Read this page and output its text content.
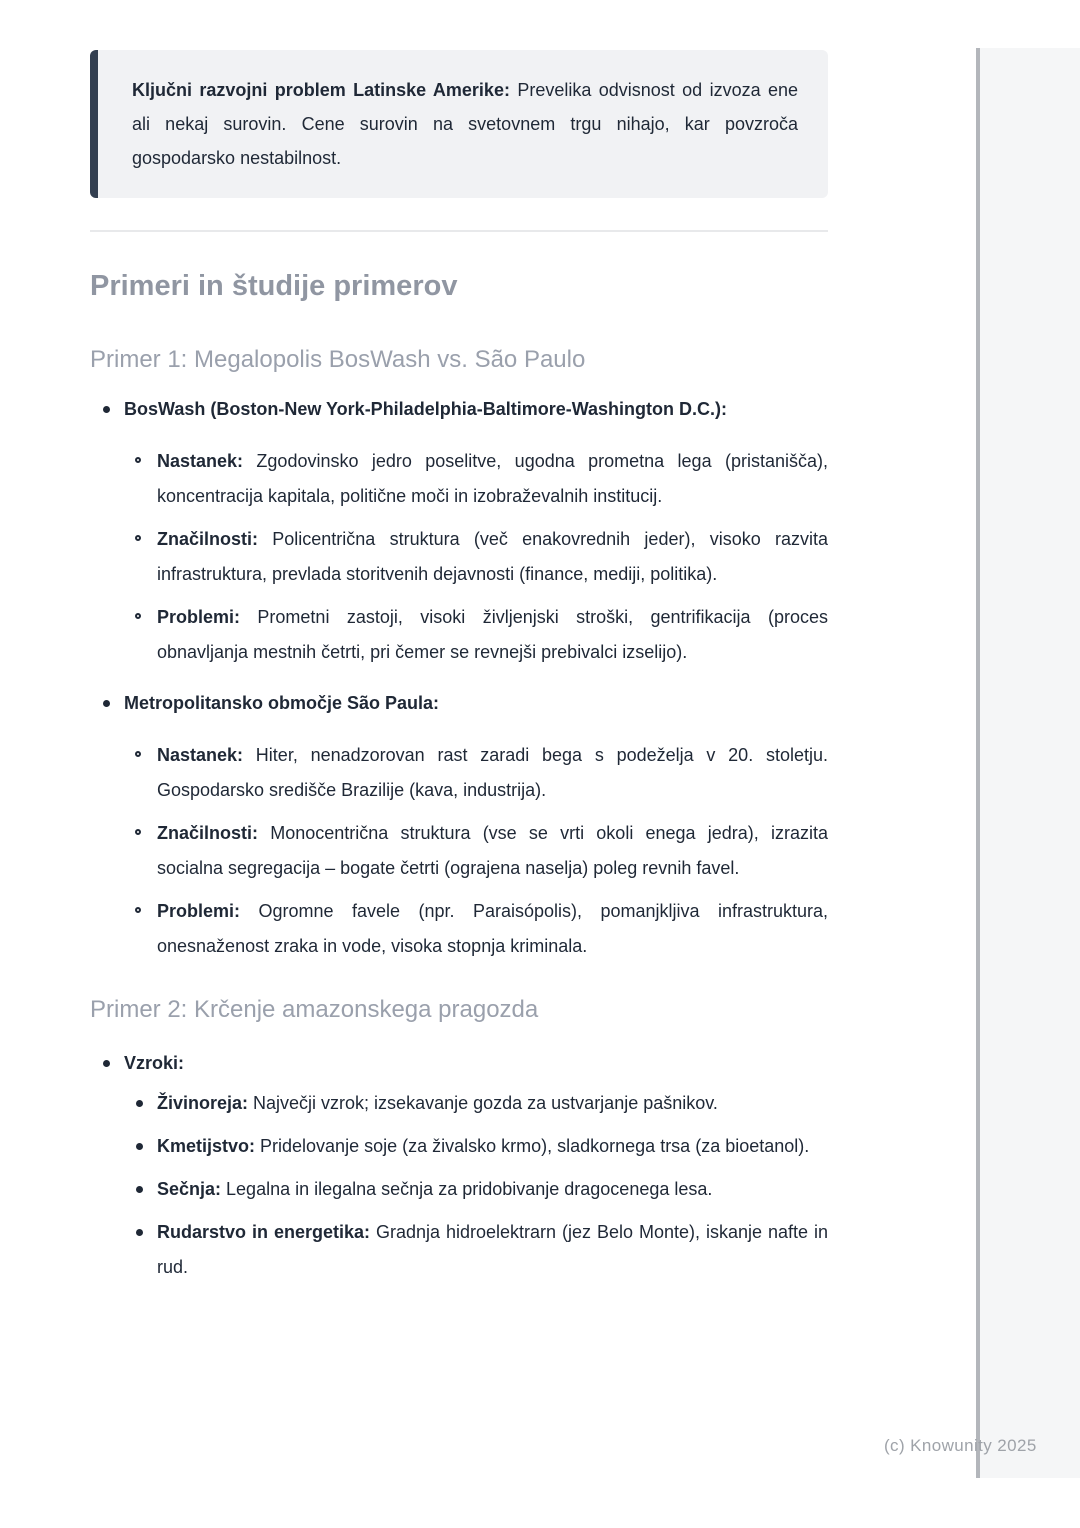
Ključni razvojni problem Latinske Amerike: Prevelika odvisnost od izvoza ene ali nekaj surovin. Cene surovin na svetovnem trgu nihajo, kar povzroča gospodarsko nestabilnost.
Primeri in študije primerov
Primer 1: Megalopolis BosWash vs. São Paulo

BosWash (Boston-New York-Philadelphia-Baltimore-Washington D.C.):

Nastanek: Zgodovinsko jedro poselitve, ugodna prometna lega (pristanišča), koncentracija kapitala, politične moči in izobraževalnih institucij.

Značilnosti: Policentrična struktura (več enakovrednih jeder), visoko razvita infrastruktura, prevlada storitvenih dejavnosti (finance, mediji, politika).

Problemi: Prometni zastoji, visoki življenjski stroški, gentrifikacija (proces obnavljanja mestnih četrti, pri čemer se revnejši prebivalci izselijo).

Metropolitansko območje São Paula:

Nastanek: Hiter, nenadzorovan rast zaradi bega s podeželja v 20. stoletju. Gospodarsko središče Brazilije (kava, industrija).

Značilnosti: Monocentrična struktura (vse se vrti okoli enega jedra), izrazita socialna segregacija – bogate četrti (ograjena naselja) poleg revnih favel.

Problemi: Ogromne favele (npr. Paraisópolis), pomanjkljiva infrastruktura, onesnaženost zraka in vode, visoka stopnja kriminala.

Primer 2: Krčenje amazonskega pragozda

Vzroki:

Živinoreja: Največji vzrok; izsekavanje gozda za ustvarjanje pašnikov.

Kmetijstvo: Pridelovanje soje (za živalsko krmo), sladkornega trsa (za bioetanol).

Sečnja: Legalna in ilegalna sečnja za pridobivanje dragocenega lesa.

Rudarstvo in energetika: Gradnja hidroelektrarn (jez Belo Monte), iskanje nafte in rud.

(c) Knowunity 2025
